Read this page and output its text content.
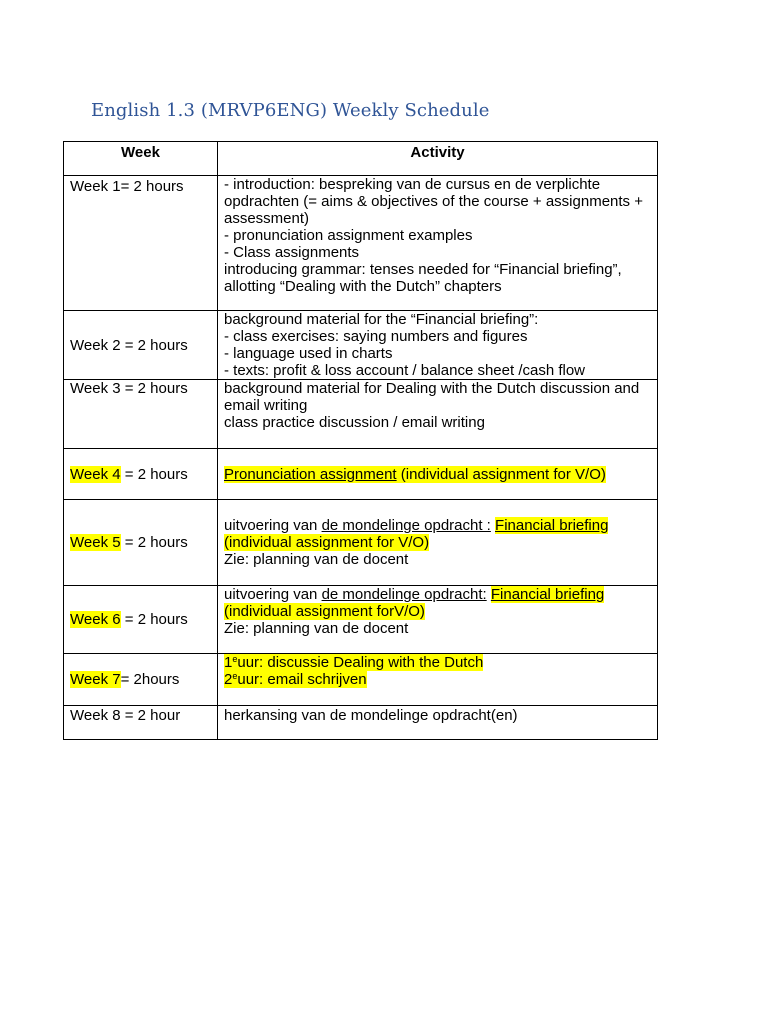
English 1.3 (MRVP6ENG) Weekly Schedule
Week	Activity
Week 1= 2 hours	- introduction: bespreking van de cursus en de verplichte opdrachten (= aims & objectives of the course + assignments + assessment)
- pronunciation assignment examples
- Class assignments
introducing grammar: tenses needed for “Financial briefing”, allotting “Dealing with the Dutch” chapters

Week 2 = 2 hours	background material for the “Financial briefing”:
- class exercises: saying numbers and figures
- language used in charts
- texts: profit & loss account / balance sheet /cash flow

Week 3 = 2 hours	background material for Dealing with the Dutch discussion and email writing
class practice discussion / email writing

Week 4 = 2 hours	Pronunciation assignment (individual assignment for V/O)
Week 5 = 2 hours	uitvoering van de mondelinge opdracht : Financial briefing
(individual assignment for V/O)
Zie: planning van de docent

Week 6 = 2 hours	uitvoering van de mondelinge opdracht: Financial briefing
(individual assignment forV/O)
Zie: planning van de docent

Week 7= 2hours	1euur: discussie Dealing with the Dutch
2euur: email schrijven

Week 8 = 2 hour	herkansing van de mondelinge opdracht(en)
